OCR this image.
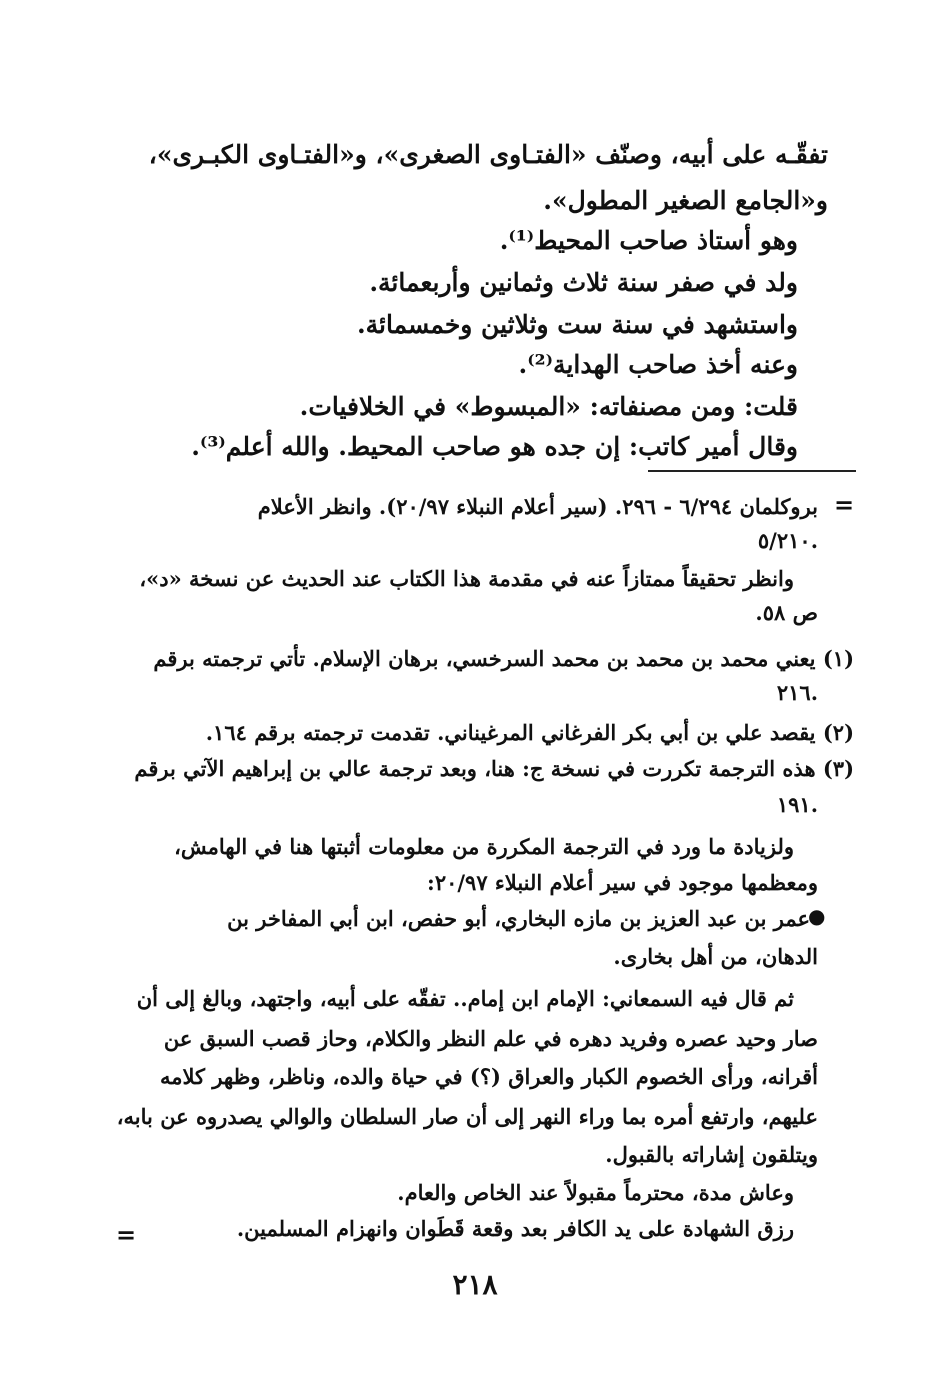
تفقّـه على أبيه، وصنّف «الفتـاوى الصغرى»، و«الفتـاوى الكبـرى»،
و«الجامع الصغير المطول».
وهو أستاذ صاحب المحيط⁽¹⁾.
ولد في صفر سنة ثلاث وثمانين وأربعمائة.
واستشهد في سنة ست وثلاثين وخمسمائة.
وعنه أخذ صاحب الهداية⁽²⁾.
قلت: ومن مصنفاته: «المبسوط» في الخلافيات.
وقال أمير كاتب: إن جده هو صاحب المحيط. والله أعلم⁽³⁾.
=
بروكلمان ٦/٢٩٤ - ٢٩٦. (سير أعلام النبلاء ٢٠/٩٧). وانظر الأعلام
٥/٢١٠.
وانظر تحقيقاً ممتازاً عنه في مقدمة هذا الكتاب عند الحديث عن نسخة «د»،
ص ٥٨.
(١) يعني محمد بن محمد بن محمد السرخسي، برهان الإسلام. تأتي ترجمته برقم
٢١٦.
(٢) يقصد علي بن أبي بكر الفرغاني المرغيناني. تقدمت ترجمته برقم ١٦٤.
(٣) هذه الترجمة تكررت في نسخة ج: هنا، وبعد ترجمة عالي بن إبراهيم الآتي برقم
١٩١.
ولزيادة ما ورد في الترجمة المكررة من معلومات أثبتها هنا في الهامش،
ومعظمها موجود في سير أعلام النبلاء ٢٠/٩٧:
●
عمر بن عبد العزيز بن مازه البخاري، أبو حفص، ابن أبي المفاخر بن
الدهان، من أهل بخارى.
ثم قال فيه السمعاني: الإمام ابن إمام.. تفقّه على أبيه، واجتهد، وبالغ إلى أن
صار وحيد عصره وفريد دهره في علم النظر والكلام، وحاز قصب السبق عن
أقرانه، ورأى الخصوم الكبار والعراق (؟) في حياة والده، وناظر، وظهر كلامه
عليهم، وارتفع أمره بما وراء النهر إلى أن صار السلطان والوالي يصدروه عن بابه،
ويتلقون إشاراته بالقبول.
وعاش مدة، محترماً مقبولاً عند الخاص والعام.
رزق الشهادة على يد الكافر بعد وقعة قَطَوان وانهزام المسلمين.
=
٢١٨
